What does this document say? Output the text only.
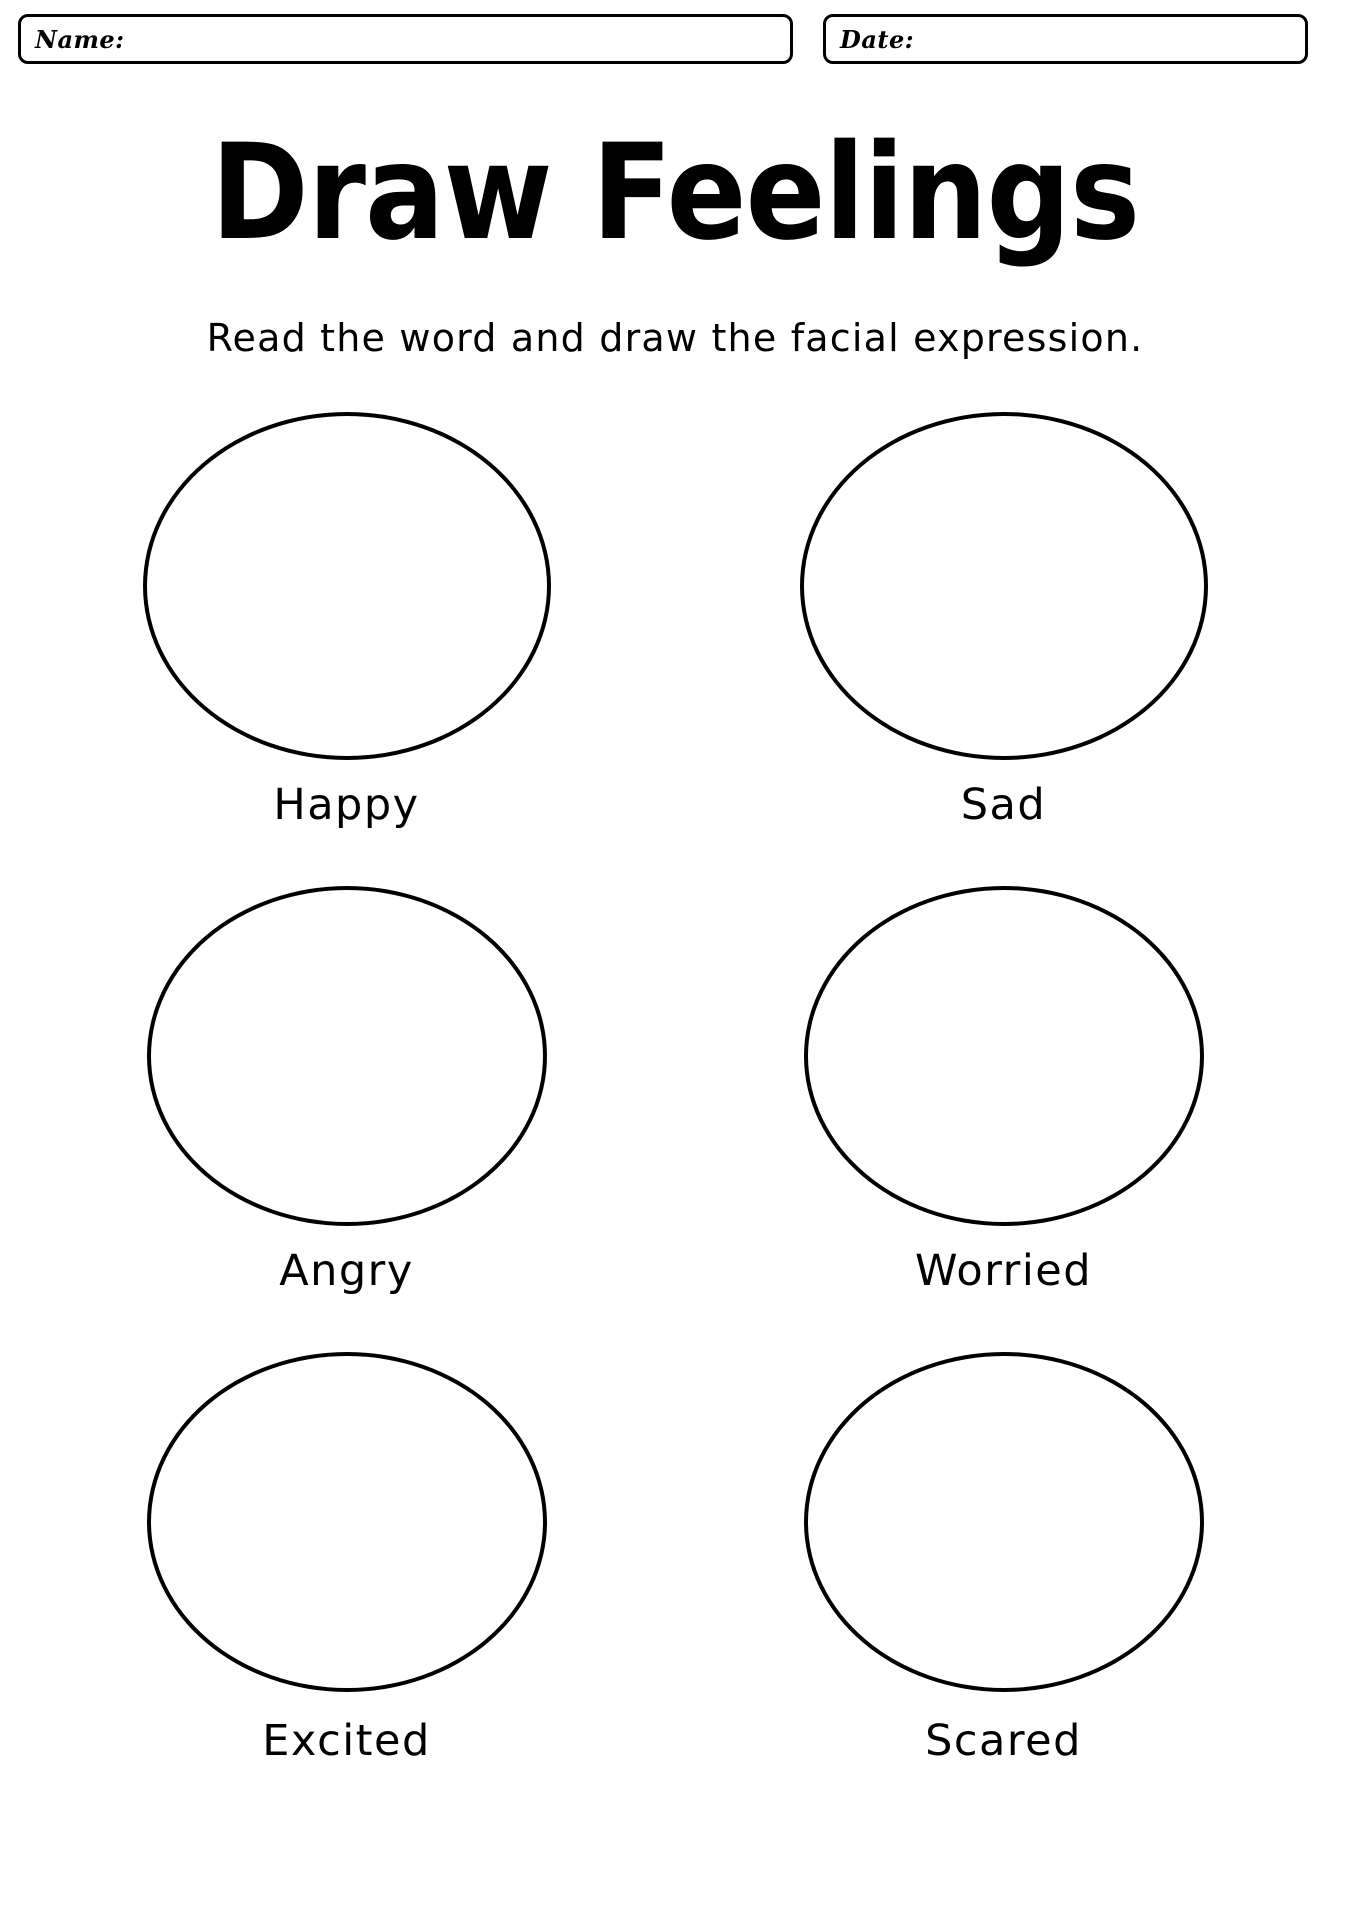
Name:	Date:
Draw Feelings
Read the word and draw the facial expression.
Happy	Sad
Angry	Worried
Excited	Scared
